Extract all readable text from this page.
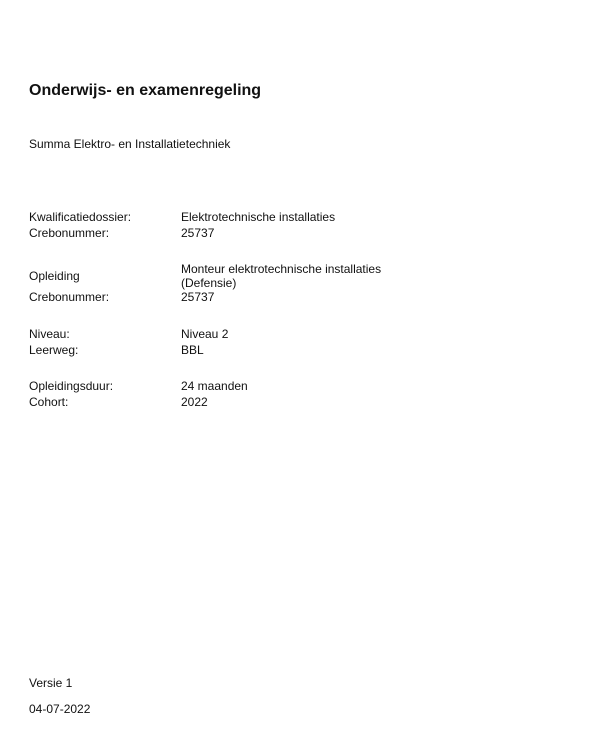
Onderwijs- en examenregeling
Summa Elektro- en Installatietechniek
Kwalificatiedossier:	Elektrotechnische installaties
Crebonummer:	25737
Opleiding	Monteur elektrotechnische installaties (Defensie)
Crebonummer:	25737
Niveau:	Niveau 2
Leerweg:	BBL
Opleidingsduur:	24 maanden
Cohort:	2022
Versie 1
04-07-2022
